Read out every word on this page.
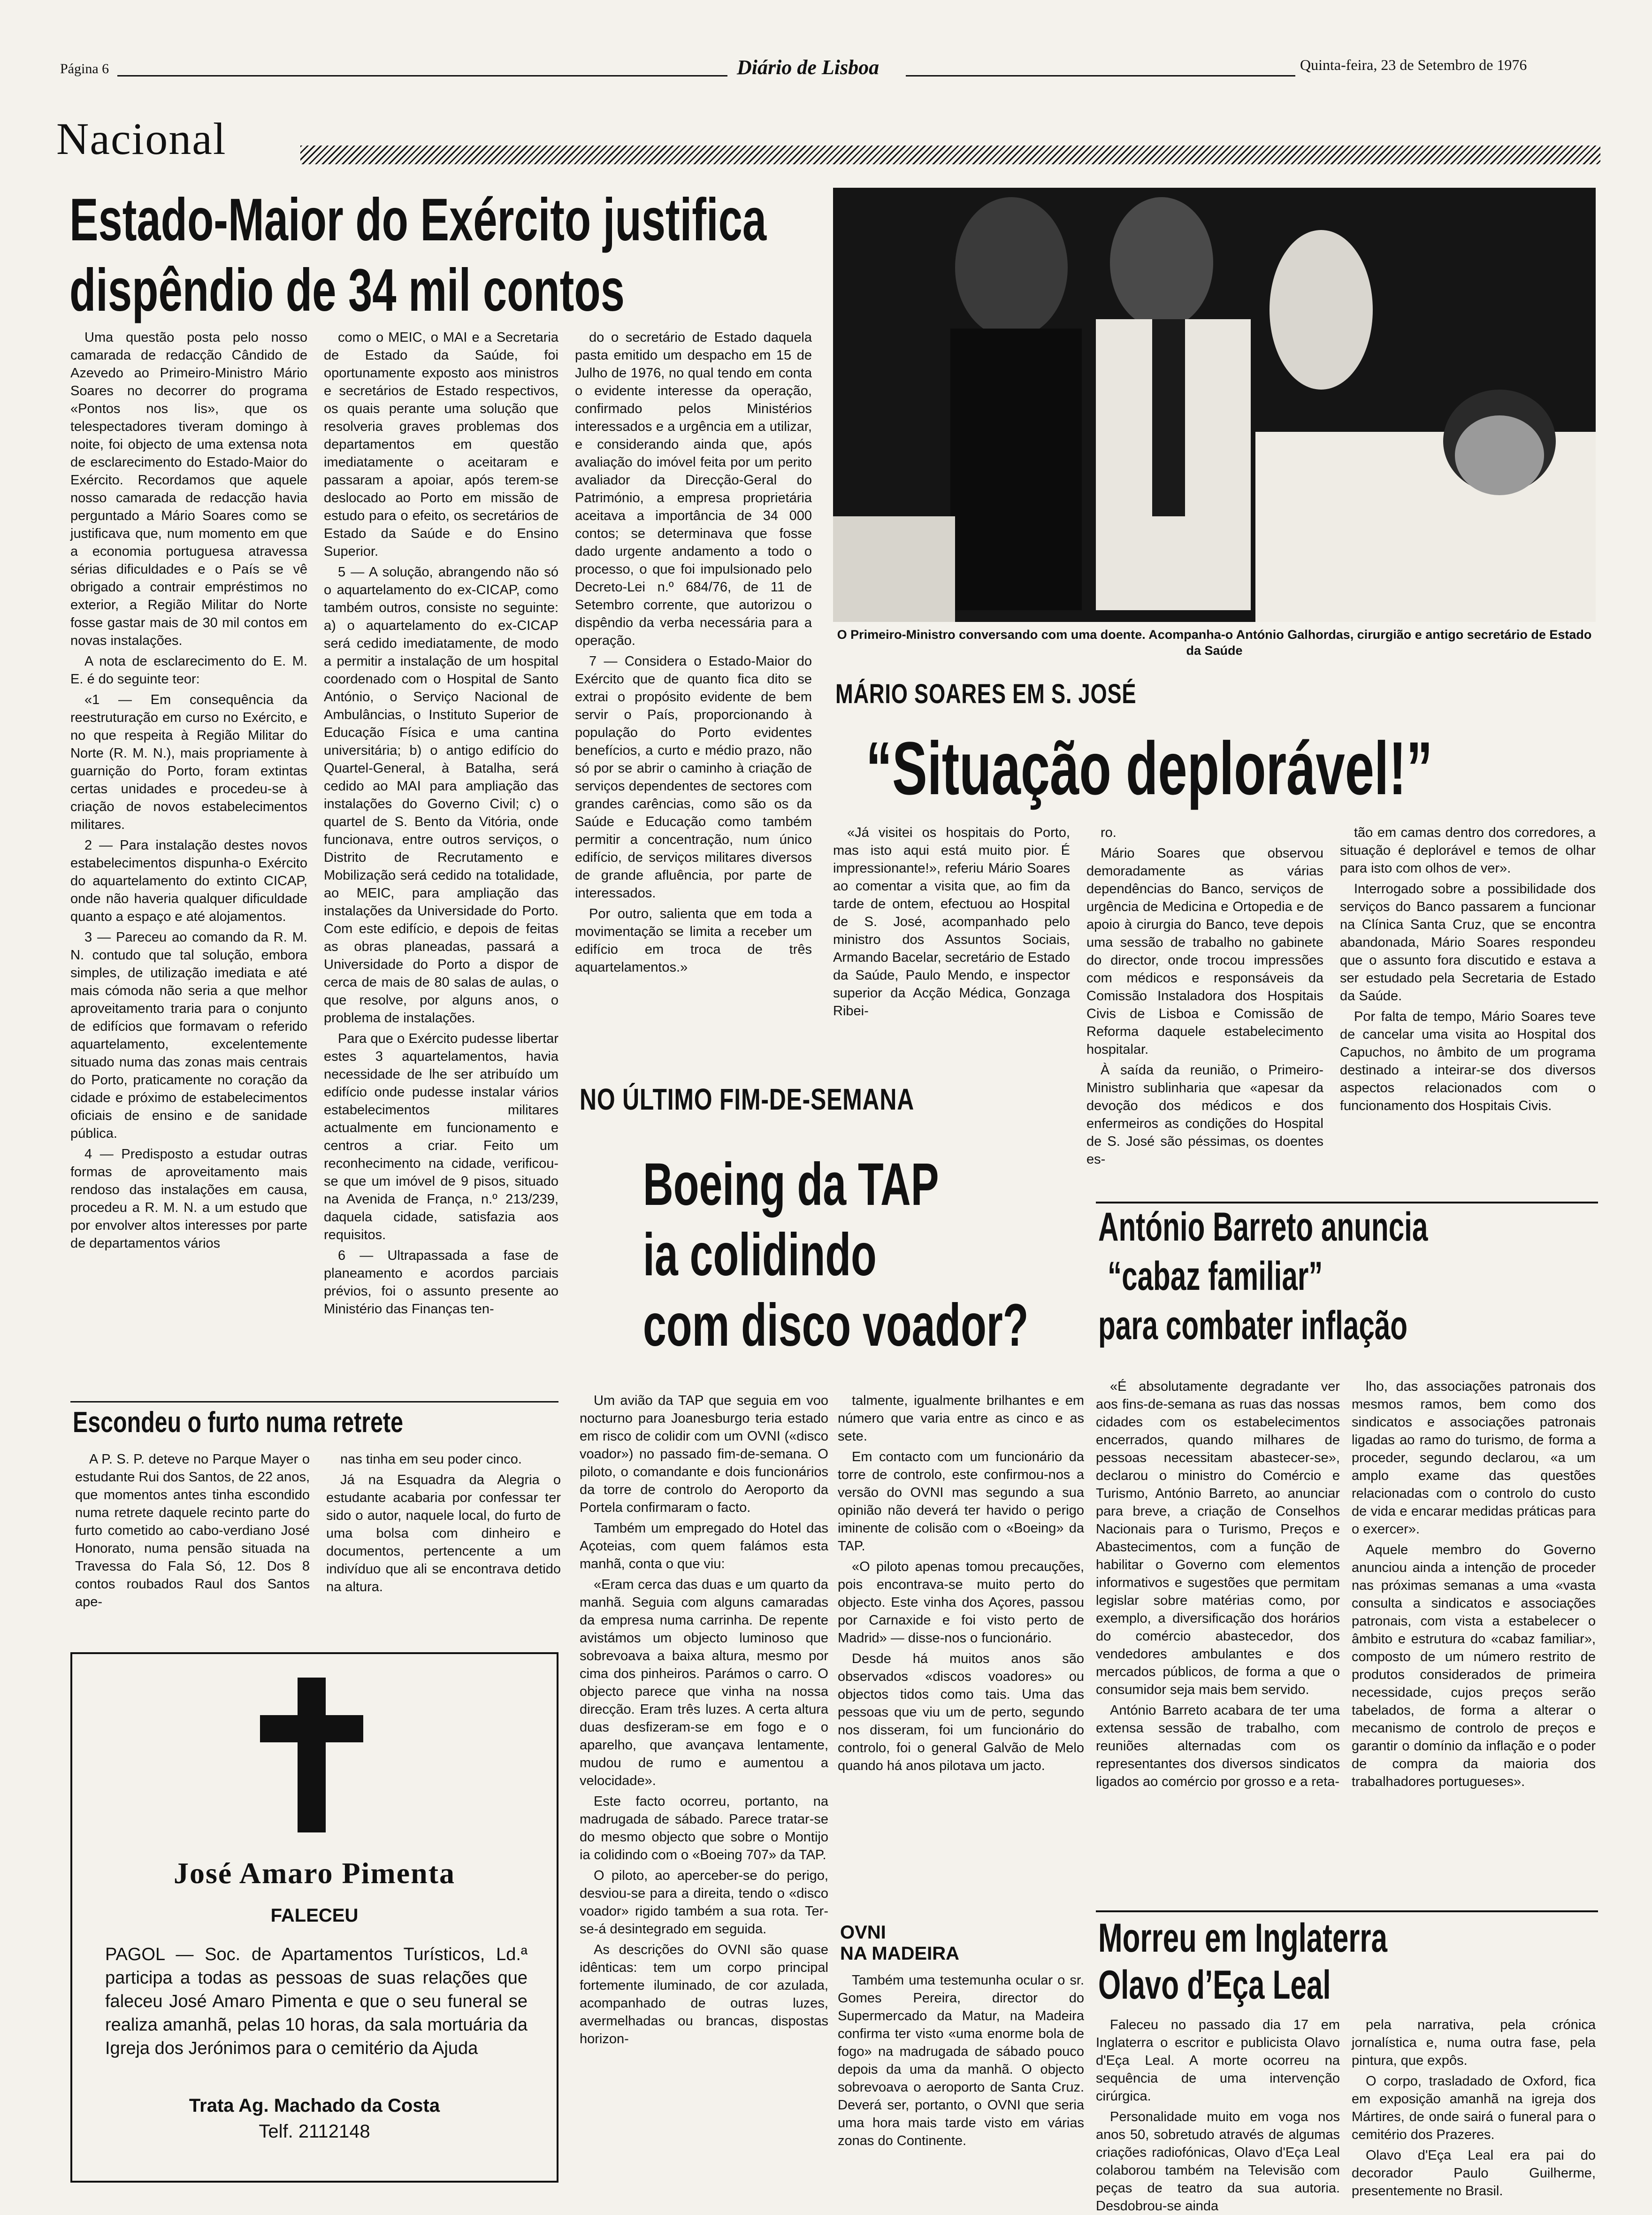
Página 6	Diário de Lisboa	Quinta-feira, 23 de Setembro de 1976
Nacional
Estado-Maior do Exército justifica
dispêndio de 34 mil contos

Uma questão posta pelo nosso camarada de redacção Cândido de Azevedo ao Primeiro-Ministro Mário Soares no decorrer do programa «Pontos nos Iis», que os telespectadores tiveram domingo à noite, foi objecto de uma extensa nota de esclarecimento do Estado-Maior do Exército. Recordamos que aquele nosso camarada de redacção havia perguntado a Mário Soares como se justificava que, num momento em que a economia portuguesa atravessa sérias dificuldades e o País se vê obrigado a contrair empréstimos no exterior, a Região Militar do Norte fosse gastar mais de 30 mil contos em novas instalações.

A nota de esclarecimento do E. M. E. é do seguinte teor:

«1 — Em consequência da reestruturação em curso no Exército, e no que respeita à Região Militar do Norte (R. M. N.), mais propriamente à guarnição do Porto, foram extintas certas unidades e procedeu-se à criação de novos estabelecimentos militares.

2 — Para instalação destes novos estabelecimentos dispunha-o Exército do aquartelamento do extinto CICAP, onde não haveria qualquer dificuldade quanto a espaço e até alojamentos.

3 — Pareceu ao comando da R. M. N. contudo que tal solução, embora simples, de utilização imediata e até mais cómoda não seria a que melhor aproveitamento traria para o conjunto de edifícios que formavam o referido aquartelamento, excelentemente situado numa das zonas mais centrais do Porto, praticamente no coração da cidade e próximo de estabelecimentos oficiais de ensino e de sanidade pública.

4 — Predisposto a estudar outras formas de aproveitamento mais rendoso das instalações em causa, procedeu a R. M. N. a um estudo que por envolver altos interesses por parte de departamentos vários

como o MEIC, o MAI e a Secretaria de Estado da Saúde, foi oportunamente exposto aos ministros e secretários de Estado respectivos, os quais perante uma solução que resolveria graves problemas dos departamentos em questão imediatamente o aceitaram e passaram a apoiar, após terem-se deslocado ao Porto em missão de estudo para o efeito, os secretários de Estado da Saúde e do Ensino Superior.

5 — A solução, abrangendo não só o aquartelamento do ex-CICAP, como também outros, consiste no seguinte: a) o aquartelamento do ex-CICAP será cedido imediatamente, de modo a permitir a instalação de um hospital coordenado com o Hospital de Santo António, o Serviço Nacional de Ambulâncias, o Instituto Superior de Educação Física e uma cantina universitária; b) o antigo edifício do Quartel-General, à Batalha, será cedido ao MAI para ampliação das instalações do Governo Civil; c) o quartel de S. Bento da Vitória, onde funcionava, entre outros serviços, o Distrito de Recrutamento e Mobilização será cedido na totalidade, ao MEIC, para ampliação das instalações da Universidade do Porto. Com este edifício, e depois de feitas as obras planeadas, passará a Universidade do Porto a dispor de cerca de mais de 80 salas de aulas, o que resolve, por alguns anos, o problema de instalações.

Para que o Exército pudesse libertar estes 3 aquartelamentos, havia necessidade de lhe ser atribuído um edifício onde pudesse instalar vários estabelecimentos militares actualmente em funcionamento e centros a criar. Feito um reconhecimento na cidade, verificou-se que um imóvel de 9 pisos, situado na Avenida de França, n.º 213/239, daquela cidade, satisfazia aos requisitos.

6 — Ultrapassada a fase de planeamento e acordos parciais prévios, foi o assunto presente ao Ministério das Finanças ten-

do o secretário de Estado daquela pasta emitido um despacho em 15 de Julho de 1976, no qual tendo em conta o evidente interesse da operação, confirmado pelos Ministérios interessados e a urgência em a utilizar, e considerando ainda que, após avaliação do imóvel feita por um perito avaliador da Direcção-Geral do Património, a empresa proprietária aceitava a importância de 34 000 contos; se determinava que fosse dado urgente andamento a todo o processo, o que foi impulsionado pelo Decreto-Lei n.º 684/76, de 11 de Setembro corrente, que autorizou o dispêndio da verba necessária para a operação.

7 — Considera o Estado-Maior do Exército que de quanto fica dito se extrai o propósito evidente de bem servir o País, proporcionando à população do Porto evidentes benefícios, a curto e médio prazo, não só por se abrir o caminho à criação de serviços dependentes de sectores com grandes carências, como são os da Saúde e Educação como também permitir a concentração, num único edifício, de serviços militares diversos de grande afluência, por parte de interessados.

Por outro, salienta que em toda a movimentação se limita a receber um edifício em troca de três aquartelamentos.»

O Primeiro-Ministro conversando com uma doente. Acompanha-o António Galhordas, cirurgião e antigo secretário de Estado da Saúde
MÁRIO SOARES EM S. JOSÉ
“Situação deplorável!”

«Já visitei os hospitais do Porto, mas isto aqui está muito pior. É impressionante!», referiu Mário Soares ao comentar a visita que, ao fim da tarde de ontem, efectuou ao Hospital de S. José, acompanhado pelo ministro dos Assuntos Sociais, Armando Bacelar, secretário de Estado da Saúde, Paulo Mendo, e inspector superior da Acção Médica, Gonzaga Ribei-

ro.

Mário Soares que observou demoradamente as várias dependências do Banco, serviços de urgência de Medicina e Ortopedia e de apoio à cirurgia do Banco, teve depois uma sessão de trabalho no gabinete do director, onde trocou impressões com médicos e responsáveis da Comissão Instaladora dos Hospitais Civis de Lisboa e Comissão de Reforma daquele estabelecimento hospitalar.

À saída da reunião, o Primeiro-Ministro sublinharia que «apesar da devoção dos médicos e dos enfermeiros as condições do Hospital de S. José são péssimas, os doentes es-

tão em camas dentro dos corredores, a situação é deplorável e temos de olhar para isto com olhos de ver».

Interrogado sobre a possibilidade dos serviços do Banco passarem a funcionar na Clínica Santa Cruz, que se encontra abandonada, Mário Soares respondeu que o assunto fora discutido e estava a ser estudado pela Secretaria de Estado da Saúde.

Por falta de tempo, Mário Soares teve de cancelar uma visita ao Hospital dos Capuchos, no âmbito de um programa destinado a inteirar-se dos diversos aspectos relacionados com o funcionamento dos Hospitais Civis.

NO ÚLTIMO FIM-DE-SEMANA
Boeing da TAP
ia colidindo
com disco voador?

Um avião da TAP que seguia em voo nocturno para Joanesburgo teria estado em risco de colidir com um OVNI («disco voador») no passado fim-de-semana. O piloto, o comandante e dois funcionários da torre de controlo do Aeroporto da Portela confirmaram o facto.

Também um empregado do Hotel das Açoteias, com quem falámos esta manhã, conta o que viu:

«Eram cerca das duas e um quarto da manhã. Seguia com alguns camaradas da empresa numa carrinha. De repente avistámos um objecto luminoso que sobrevoava a baixa altura, mesmo por cima dos pinheiros. Parámos o carro. O objecto parece que vinha na nossa direcção. Eram três luzes. A certa altura duas desfizeram-se em fogo e o aparelho, que avançava lentamente, mudou de rumo e aumentou a velocidade».

Este facto ocorreu, portanto, na madrugada de sábado. Parece tratar-se do mesmo objecto que sobre o Montijo ia colidindo com o «Boeing 707» da TAP.

O piloto, ao aperceber-se do perigo, desviou-se para a direita, tendo o «disco voador» rigido também a sua rota. Ter-se-á desintegrado em seguida.

As descrições do OVNI são quase idênticas: tem um corpo principal fortemente iluminado, de cor azulada, acompanhado de outras luzes, avermelhadas ou brancas, dispostas horizon-

talmente, igualmente brilhantes e em número que varia entre as cinco e as sete.

Em contacto com um funcionário da torre de controlo, este confirmou-nos a versão do OVNI mas segundo a sua opinião não deverá ter havido o perigo iminente de colisão com o «Boeing» da TAP.

«O piloto apenas tomou precauções, pois encontrava-se muito perto do objecto. Este vinha dos Açores, passou por Carnaxide e foi visto perto de Madrid» — disse-nos o funcionário.

Desde há muitos anos são observados «discos voadores» ou objectos tidos como tais. Uma das pessoas que viu um de perto, segundo nos disseram, foi um funcionário do controlo, foi o general Galvão de Melo quando há anos pilotava um jacto.

OVNI
NA MADEIRA

Também uma testemunha ocular o sr. Gomes Pereira, director do Supermercado da Matur, na Madeira confirma ter visto «uma enorme bola de fogo» na madrugada de sábado pouco depois da uma da manhã. O objecto sobrevoava o aeroporto de Santa Cruz. Deverá ser, portanto, o OVNI que seria uma hora mais tarde visto em várias zonas do Continente.

Escondeu o furto numa retrete

A P. S. P. deteve no Parque Mayer o estudante Rui dos Santos, de 22 anos, que momentos antes tinha escondido numa retrete daquele recinto parte do furto cometido ao cabo-verdiano José Honorato, numa pensão situada na Travessa do Fala Só, 12. Dos 8 contos roubados Raul dos Santos ape-

nas tinha em seu poder cinco.

Já na Esquadra da Alegria o estudante acabaria por confessar ter sido o autor, naquele local, do furto de uma bolsa com dinheiro e documentos, pertencente a um indivíduo que ali se encontrava detido na altura.

José Amaro Pimenta
FALECEU
PAGOL — Soc. de Apartamentos Turísticos, Ld.ª participa a todas as pessoas de suas relações que faleceu José Amaro Pimenta e que o seu funeral se realiza amanhã, pelas 10 horas, da sala mortuária da Igreja dos Jerónimos para o cemitério da Ajuda
Trata Ag. Machado da Costa
Telf. 2112148
António Barreto anuncia
“cabaz familiar”
para combater inflação

«É absolutamente degradante ver aos fins-de-semana as ruas das nossas cidades com os estabelecimentos encerrados, quando milhares de pessoas necessitam abastecer-se», declarou o ministro do Comércio e Turismo, António Barreto, ao anunciar para breve, a criação de Conselhos Nacionais para o Turismo, Preços e Abastecimentos, com a função de habilitar o Governo com elementos informativos e sugestões que permitam legislar sobre matérias como, por exemplo, a diversificação dos horários do comércio abastecedor, dos vendedores ambulantes e dos mercados públicos, de forma a que o consumidor seja mais bem servido.

António Barreto acabara de ter uma extensa sessão de trabalho, com reuniões alternadas com os representantes dos diversos sindicatos ligados ao comércio por grosso e a reta-

lho, das associações patronais dos mesmos ramos, bem como dos sindicatos e associações patronais ligadas ao ramo do turismo, de forma a proceder, segundo declarou, «a um amplo exame das questões relacionadas com o controlo do custo de vida e encarar medidas práticas para o exercer».

Aquele membro do Governo anunciou ainda a intenção de proceder nas próximas semanas a uma «vasta consulta a sindicatos e associações patronais, com vista a estabelecer o âmbito e estrutura do «cabaz familiar», composto de um número restrito de produtos considerados de primeira necessidade, cujos preços serão tabelados, de forma a alterar o mecanismo de controlo de preços e garantir o domínio da inflação e o poder de compra da maioria dos trabalhadores portugueses».

Morreu em Inglaterra
Olavo d’Eça Leal

Faleceu no passado dia 17 em Inglaterra o escritor e publicista Olavo d'Eça Leal. A morte ocorreu na sequência de uma intervenção cirúrgica.

Personalidade muito em voga nos anos 50, sobretudo através de algumas criações radiofónicas, Olavo d'Eça Leal colaborou também na Televisão com peças de teatro da sua autoria. Desdobrou-se ainda

pela narrativa, pela crónica jornalística e, numa outra fase, pela pintura, que expôs.

O corpo, trasladado de Oxford, fica em exposição amanhã na igreja dos Mártires, de onde sairá o funeral para o cemitério dos Prazeres.

Olavo d'Eça Leal era pai do decorador Paulo Guilherme, presentemente no Brasil.
